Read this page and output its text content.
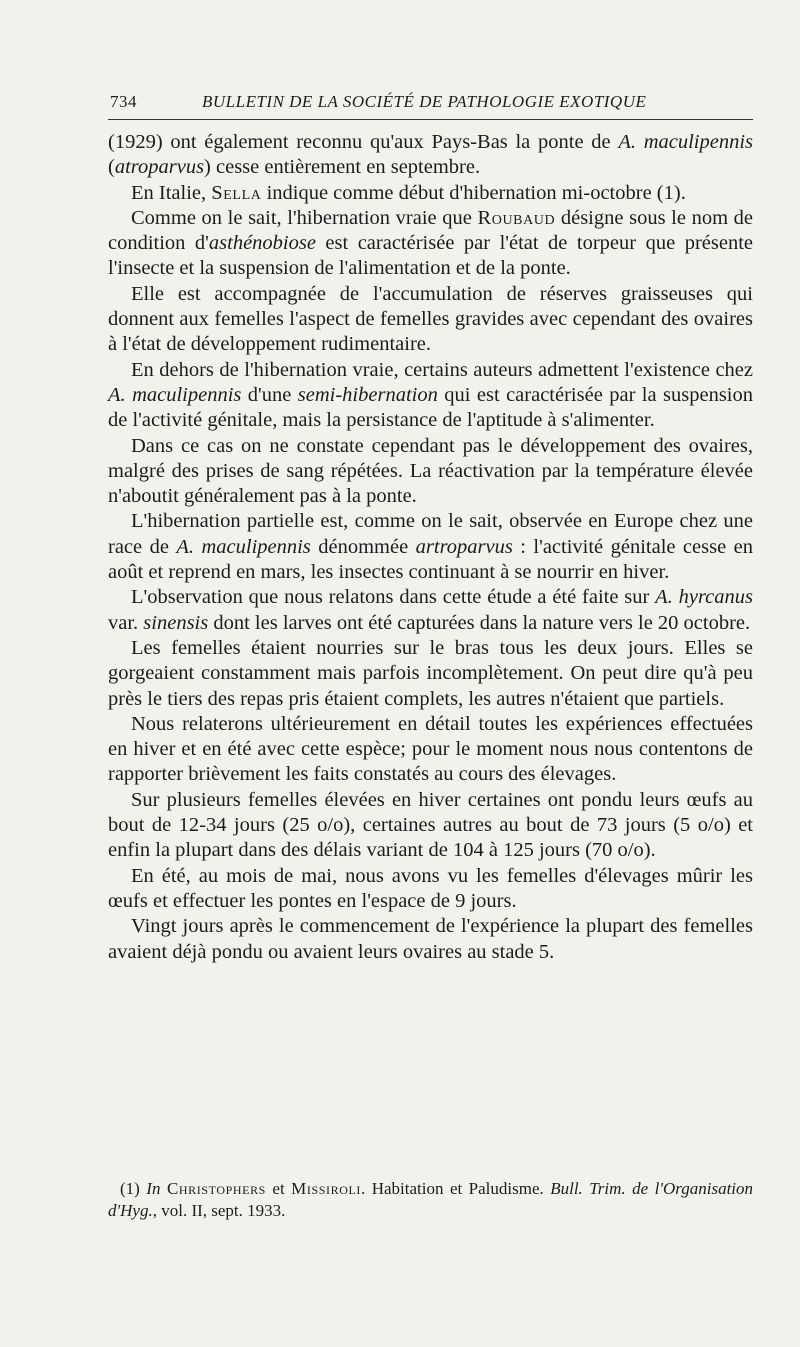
734	BULLETIN DE LA SOCIÉTÉ DE PATHOLOGIE EXOTIQUE

(1929) ont également reconnu qu'aux Pays-Bas la ponte de A. maculipennis (atroparvus) cesse entièrement en septembre.

En Italie, Sella indique comme début d'hibernation mi-octobre (1).

Comme on le sait, l'hibernation vraie que Roubaud désigne sous le nom de condition d'asthénobiose est caractérisée par l'état de torpeur que présente l'insecte et la suspension de l'alimentation et de la ponte.

Elle est accompagnée de l'accumulation de réserves graisseuses qui donnent aux femelles l'aspect de femelles gravides avec cependant des ovaires à l'état de développement rudimentaire.

En dehors de l'hibernation vraie, certains auteurs admettent l'existence chez A. maculipennis d'une semi-hibernation qui est caractérisée par la suspension de l'activité génitale, mais la persistance de l'aptitude à s'alimenter.

Dans ce cas on ne constate cependant pas le développement des ovaires, malgré des prises de sang répétées. La réactivation par la température élevée n'aboutit généralement pas à la ponte.

L'hibernation partielle est, comme on le sait, observée en Europe chez une race de A. maculipennis dénommée artroparvus : l'activité génitale cesse en août et reprend en mars, les insectes continuant à se nourrir en hiver.

L'observation que nous relatons dans cette étude a été faite sur A. hyrcanus var. sinensis dont les larves ont été capturées dans la nature vers le 20 octobre.

Les femelles étaient nourries sur le bras tous les deux jours. Elles se gorgeaient constamment mais parfois incomplètement. On peut dire qu'à peu près le tiers des repas pris étaient complets, les autres n'étaient que partiels.

Nous relaterons ultérieurement en détail toutes les expériences effectuées en hiver et en été avec cette espèce; pour le moment nous nous contentons de rapporter brièvement les faits constatés au cours des élevages.

Sur plusieurs femelles élevées en hiver certaines ont pondu leurs œufs au bout de 12-34 jours (25 o/o), certaines autres au bout de 73 jours (5 o/o) et enfin la plupart dans des délais variant de 104 à 125 jours (70 o/o).

En été, au mois de mai, nous avons vu les femelles d'élevages mûrir les œufs et effectuer les pontes en l'espace de 9 jours.

Vingt jours après le commencement de l'expérience la plupart des femelles avaient déjà pondu ou avaient leurs ovaires au stade 5.

(1) In Christophers et Missiroli. Habitation et Paludisme. Bull. Trim. de l'Organisation d'Hyg., vol. II, sept. 1933.
